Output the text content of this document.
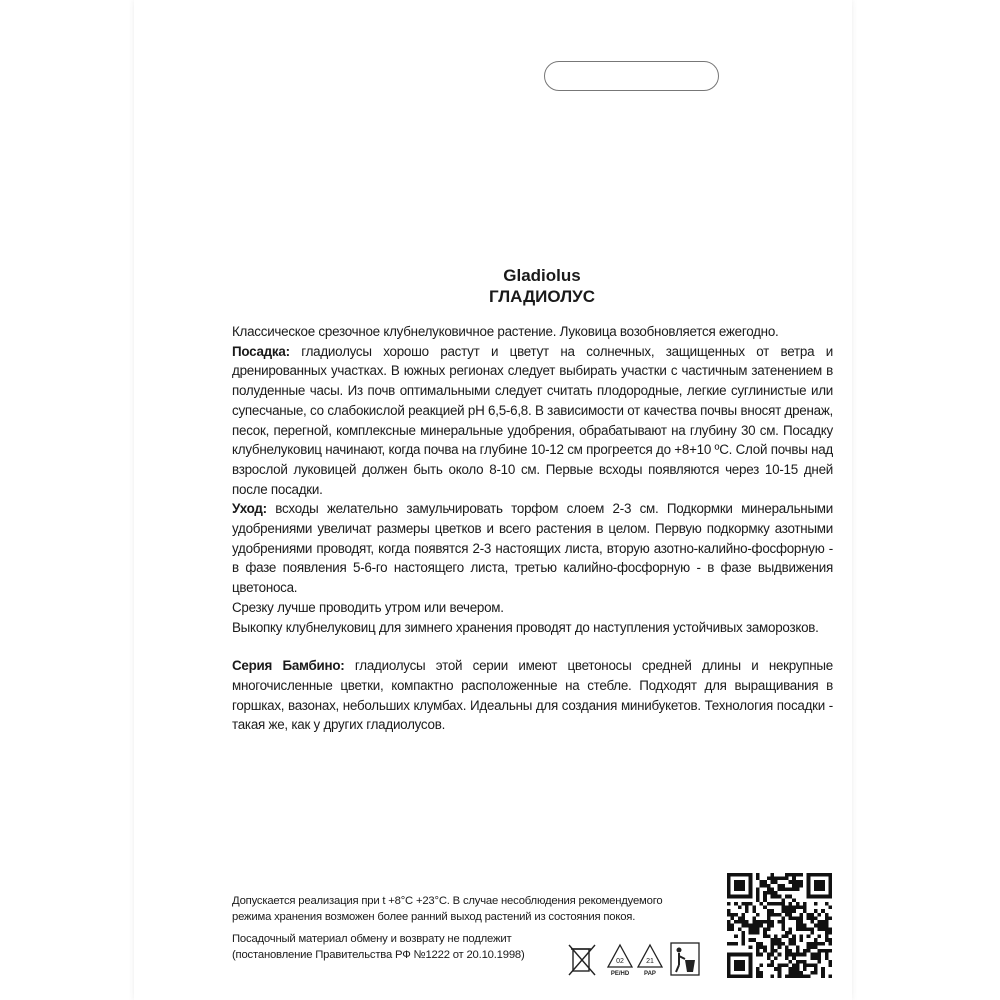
Gladiolus
ГЛАДИОЛУС

Классическое срезочное клубнелуковичное растение. Луковица возобновляется ежегодно.

Посадка: гладиолусы хорошо растут и цветут на солнечных, защищенных от ветра и дренированных участках. В южных регионах следует выбирать участки с частичным затенением в полуденные часы. Из почв оптимальными следует считать плодородные, легкие суглинистые или супесчаные, со слабокислой реакцией pH 6,5-6,8. В зависимости от качества почвы вносят дренаж, песок, перегной, комплексные минеральные удобрения, обрабатывают на глубину 30 см. Посадку клубнелуковиц начинают, когда почва на глубине 10-12 см прогреется до +8+10 ºС. Слой почвы над взрослой луковицей должен быть около 8-10 см. Первые всходы появляются через 10-15 дней после посадки.

Уход: всходы желательно замульчировать торфом слоем 2-3 см. Подкормки минеральными удобрениями увеличат размеры цветков и всего растения в целом. Первую подкормку азотными удобрениями проводят, когда появятся 2-3 настоящих листа, вторую азотно-калийно-фосфорную - в фазе появления 5-6-го настоящего листа, третью калийно-фосфорную - в фазе выдвижения цветоноса.

Срезку лучше проводить утром или вечером.

Выкопку клубнелуковиц для зимнего хранения проводят до наступления устойчивых заморозков.

Серия Бамбино: гладиолусы этой серии имеют цветоносы средней длины и некрупные многочисленные цветки, компактно расположенные на стебле. Подходят для выращивания в горшках, вазонах, небольших клумбах. Идеальны для создания минибукетов. Технология посадки - такая же, как у других гладиолусов.

Допускается реализация при t +8°С +23°С. В случае несоблюдения рекомендуемого режима хранения возможен более ранний выход растений из состояния покоя.

Посадочный материал обмену и возврату не подлежит

(постановление Правительства РФ №1222 от 20.10.1998)

02
PE/HD
21
PAP
